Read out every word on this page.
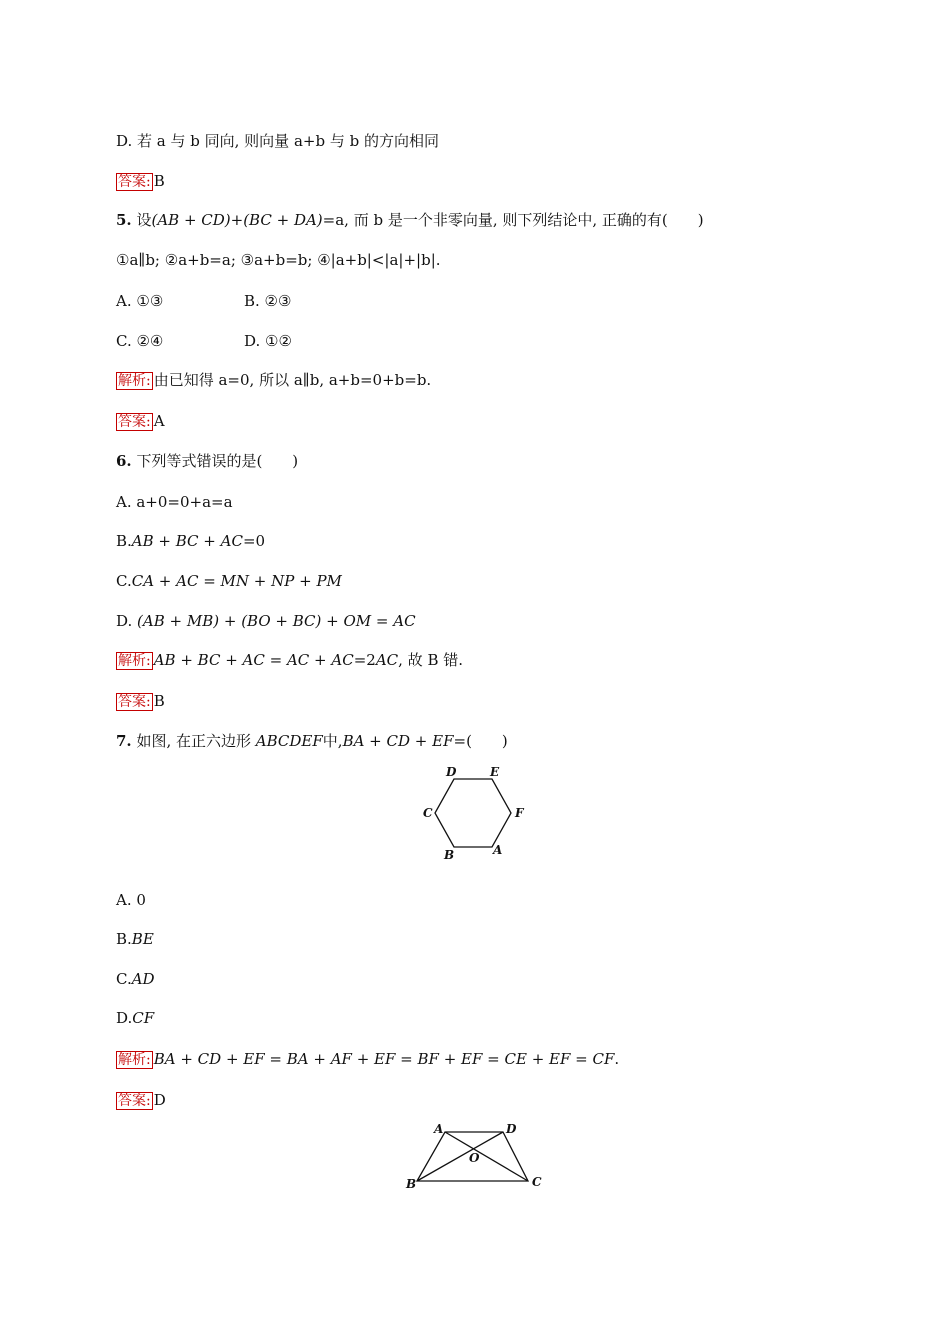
D. 若 a 与 b 同向, 则向量 a+b 与 b 的方向相同
答案: B
5. 设(AB + CD)+(BC + DA)=a, 而 b 是一个非零向量, 则下列结论中, 正确的有(　　)
①a∥b; ②a+b=a; ③a+b=b; ④|a+b|<|a|+|b|.
A. ①③	B. ②③
C. ②④	D. ①②
解析: 由已知得 a=0, 所以 a∥b, a+b=0+b=b.
答案: A
6. 下列等式错误的是(　　)
A. a+0=0+a=a
B.AB + BC + AC=0
C.CA + AC = MN + NP + PM
D. (AB + MB) + (BO + BC) + OM = AC
解析: AB + BC + AC = AC + AC=2AC, 故 B 错.
答案: B
7. 如图, 在正六边形 ABCDEF中,BA + CD + EF=(　　)
D	E
C	F
B	A
A. 0
B.BE
C.AD
D.CF
解析: BA + CD + EF = BA + AF + EF = BF + EF = CE + EF = CF.
答案: D
A	D
O
B	C
